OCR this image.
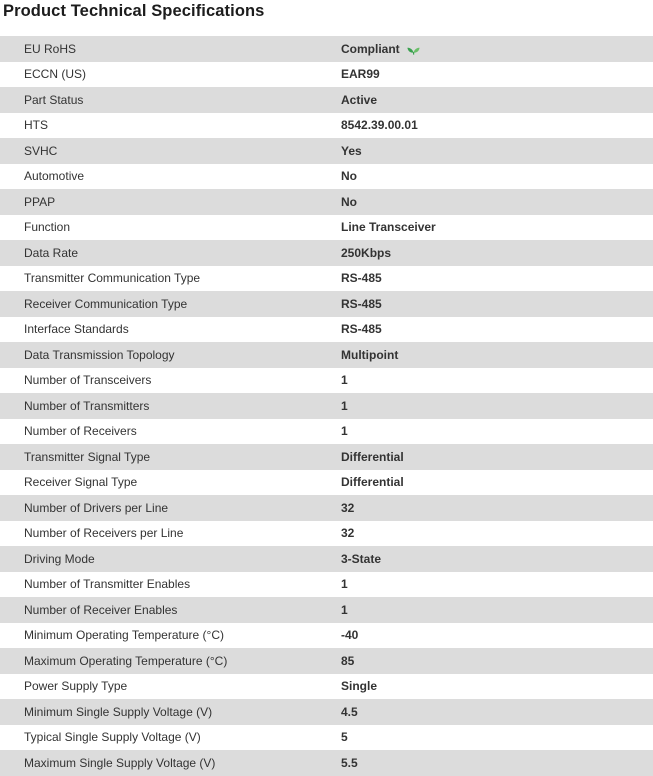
Product Technical Specifications
EU RoHS	Compliant
ECCN (US)	EAR99
Part Status	Active
HTS	8542.39.00.01
SVHC	Yes
Automotive	No
PPAP	No
Function	Line Transceiver
Data Rate	250Kbps
Transmitter Communication Type	RS-485
Receiver Communication Type	RS-485
Interface Standards	RS-485
Data Transmission Topology	Multipoint
Number of Transceivers	1
Number of Transmitters	1
Number of Receivers	1
Transmitter Signal Type	Differential
Receiver Signal Type	Differential
Number of Drivers per Line	32
Number of Receivers per Line	32
Driving Mode	3-State
Number of Transmitter Enables	1
Number of Receiver Enables	1
Minimum Operating Temperature (°C)	-40
Maximum Operating Temperature (°C)	85
Power Supply Type	Single
Minimum Single Supply Voltage (V)	4.5
Typical Single Supply Voltage (V)	5
Maximum Single Supply Voltage (V)	5.5
